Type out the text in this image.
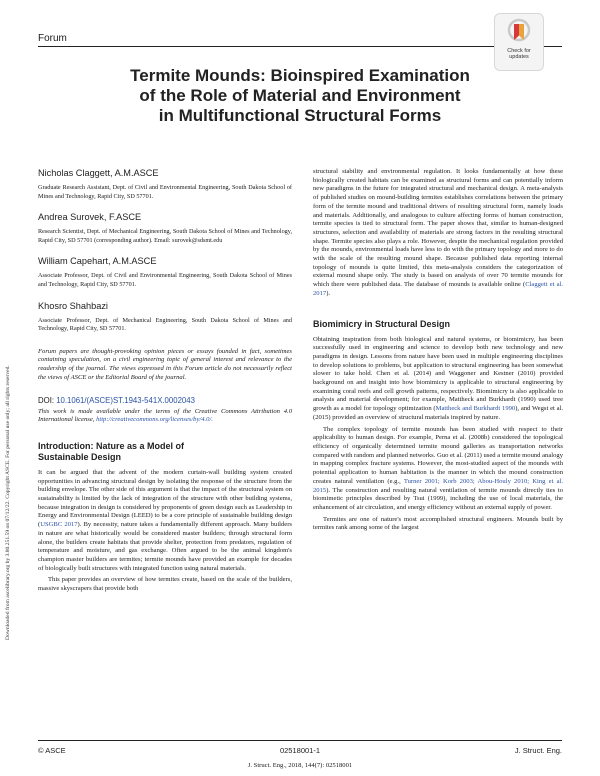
Forum
Check for
updates
Termite Mounds: Bioinspired Examination
of the Role of Material and Environment
in Multifunctional Structural Forms
Downloaded from ascelibrary.org by 3.80.251.59 on 07/12/22. Copyright ASCE. For personal use only; all rights reserved.

Nicholas Claggett, A.M.ASCE

Graduate Research Assistant, Dept. of Civil and Environmental Engineering, South Dakota School of Mines and Technology, Rapid City, SD 57701.

Andrea Surovek, F.ASCE

Research Scientist, Dept. of Mechanical Engineering, South Dakota School of Mines and Technology, Rapid City, SD 57701 (corresponding author). Email: surovek@sdsmt.edu

William Capehart, A.M.ASCE

Associate Professor, Dept. of Civil and Environmental Engineering, South Dakota School of Mines and Technology, Rapid City, SD 57701.

Khosro Shahbazi

Associate Professor, Dept. of Mechanical Engineering, South Dakota School of Mines and Technology, Rapid City, SD 57701.

Forum papers are thought-provoking opinion pieces or essays founded in fact, sometimes containing speculation, on a civil engineering topic of general interest and relevance to the readership of the journal. The views expressed in this Forum article do not necessarily reflect the views of ASCE or the Editorial Board of the journal.

DOI: 10.1061/(ASCE)ST.1943-541X.0002043

This work is made available under the terms of the Creative Commons Attribution 4.0 International license, http://creativecommons.org/licenses/by/4.0/.

Introduction: Nature as a Model of
Sustainable Design

It can be argued that the advent of the modern curtain-wall building system created opportunities in advancing structural design by isolating the response of the structure from the building envelope. The other side of this argument is that the impact of the structural system on sustainability is limited by the lack of integration of the structure with other building systems, because integration in design is considered by proponents of green design such as Leadership in Energy and Environmental Design (LEED) to be a core principle of sustainable building design (USGBC 2017). By necessity, nature takes a fundamentally different approach. Many builders in nature are what historically would be considered master builders; through structural form alone, the builders create habitats that provide shelter, protection from predators, regulation of temperature and moisture, and gas exchange. Often argued to be the animal kingdom's champion master builders are termites; termite mounds have provided an example for decades of biologically built structures with integrated function using natural materials.

This paper provides an overview of how termites create, based on the scale of the builders, massive skyscrapers that provide both

structural stability and environmental regulation. It looks fundamentally at how these biologically created habitats can be examined as structural forms and can potentially inform new paradigms in the future for integrated structural and mechanical design. A meta-analysis of published studies on mound-building termites establishes correlations between the primary form of the termite mound and traditional drivers of resulting structural form, namely loads and materials. Additionally, and analogous to culture affecting forms of human construction, termite species is tied to structural form. The paper shows that, similar to human-designed structures, selection and availability of materials are strong factors in the resulting structural shape. Termite species also plays a role. However, despite the mechanical regulation provided by the mounds, environmental loads have less to do with the primary topology and more to do with the scale of the resulting mound shape. Because published data reporting internal topology of mounds is quite limited, this meta-analysis considers the categorization of external mound shape only. The study is based on analysis of over 70 termite mounds for which there were published data. The database of mounds is available online (Claggett et al. 2017).

Biomimicry in Structural Design

Obtaining inspiration from both biological and natural systems, or biomimicry, has been successfully used in engineering and science to develop both new technology and new paradigms in design. Lessons from nature have been used in multiple engineering disciplines to develop solutions to problems, but application to structural engineering has been somewhat slower to take hold. Chen et al. (2014) and Waggoner and Kestner (2010) provided background on and insight into how biomimicry is applicable to structural engineering by examining coral reefs and cell growth patterns, respectively. Biomimicry is also applicable to analysis and material development; for example, Mattheck and Burkhardt (1990) used tree growth as a model for topology optimization (Mattheck and Burkhardt 1990), and Wegst et al. (2015) provided an overview of structural materials inspired by nature.

The complex topology of termite mounds has been studied with respect to their applicability to human design. For example, Perna et al. (2008b) considered the topological efficiency of organically determined termite mound galleries as transportation networks compared with random and planned networks. Guo et al. (2011) used a termite mound analogy in mapping complex fracture systems. However, the most-studied aspect of the mounds with potential application to human habitation is the manner in which the mound construction creates natural ventilation (e.g., Turner 2001; Korb 2003; Abou-Houly 2010; King et al. 2015). The construction and resulting natural ventilation of termite mounds directly ties to biomimetic principles described by Tsui (1999), including the use of local materials, the enhancement of air circulation, and energy efficiency without an external supply of power.

Termites are one of nature's most accomplished structural engineers. Mounds built by termites rank among some of the largest

© ASCE	02518001-1	J. Struct. Eng.
J. Struct. Eng., 2018, 144(7): 02518001
